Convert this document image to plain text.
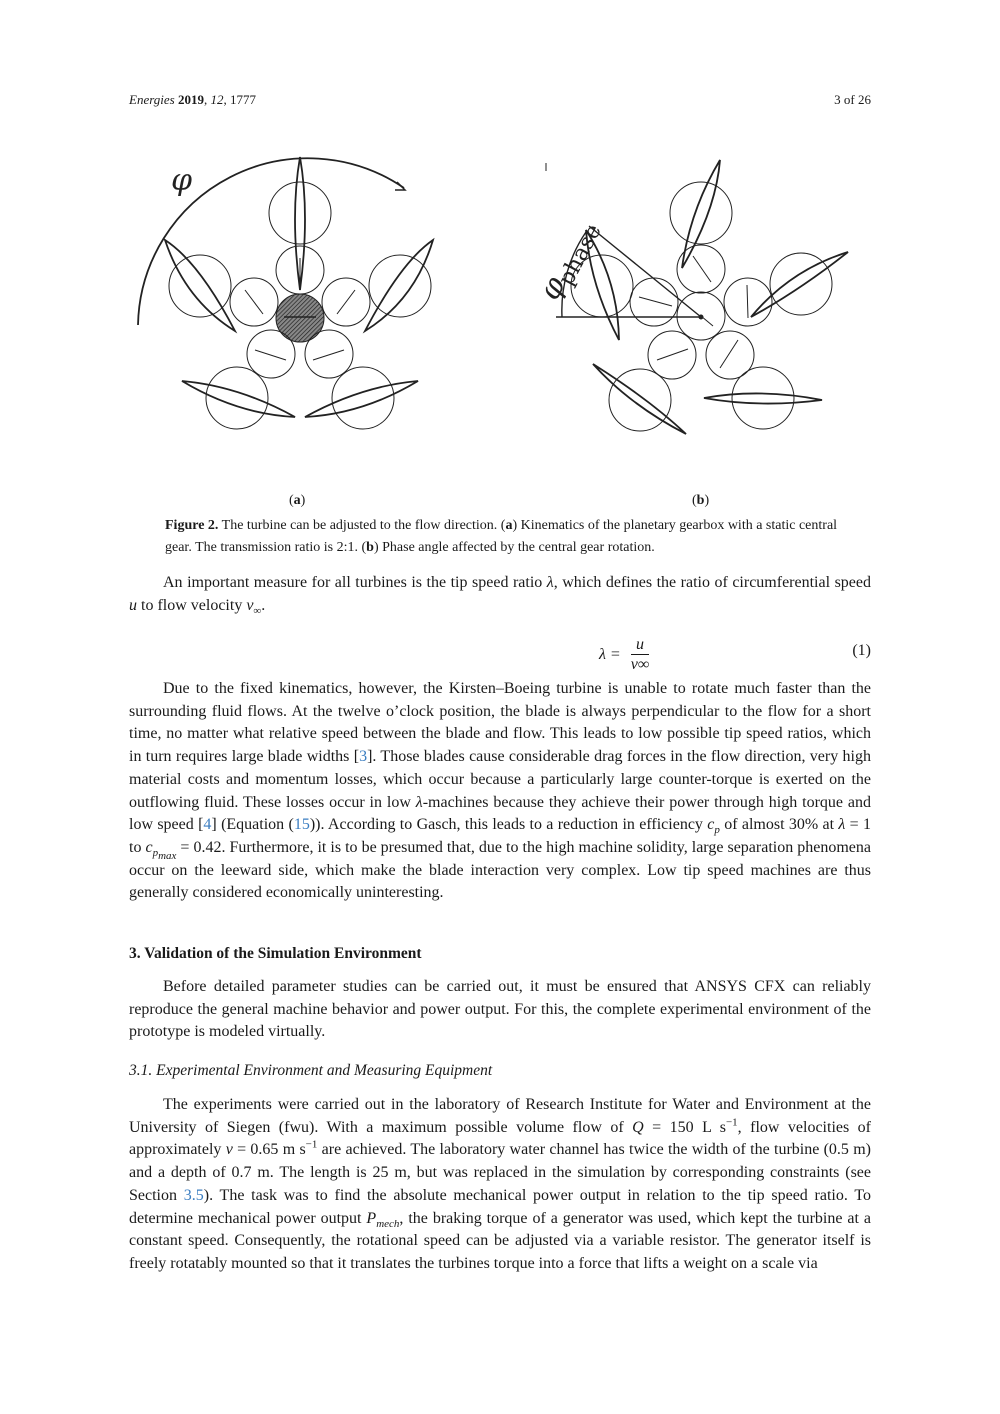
Energies 2019, 12, 1777	3 of 26
φ
φ
phase
(a)	(b)
Figure 2. The turbine can be adjusted to the flow direction. (a) Kinematics of the planetary gearbox with a static central gear. The transmission ratio is 2:1. (b) Phase angle affected by the central gear rotation.
An important measure for all turbines is the tip speed ratio λ, which defines the ratio of circumferential speed u to flow velocity $v_\infty$.
$\lambda = \frac{u}{v\infty}$	(1)
Due to the fixed kinematics, however, the Kirsten–Boeing turbine is unable to rotate much faster than the surrounding fluid flows. At the twelve o’clock position, the blade is always perpendicular to the flow for a short time, no matter what relative speed between the blade and flow. This leads to low possible tip speed ratios, which in turn requires large blade widths [3]. Those blades cause considerable drag forces in the flow direction, very high material costs and momentum losses, which occur because a particularly large counter-torque is exerted on the outflowing fluid. These losses occur in low λ-machines because they achieve their power through high torque and low speed [4] (Equation (15)). According to Gasch, this leads to a reduction in efficiency $c_p$ of almost 30% at λ = 1 to $c_{p_{max}} = 0.42$. Furthermore, it is to be presumed that, due to the high machine solidity, large separation phenomena occur on the leeward side, which make the blade interaction very complex. Low tip speed machines are thus generally considered economically uninteresting.
3. Validation of the Simulation Environment
Before detailed parameter studies can be carried out, it must be ensured that ANSYS CFX can reliably reproduce the general machine behavior and power output. For this, the complete experimental environment of the prototype is modeled virtually.
3.1. Experimental Environment and Measuring Equipment
The experiments were carried out in the laboratory of Research Institute for Water and Environment at the University of Siegen (fwu). With a maximum possible volume flow of Q = 150 L $s^{-1}$, flow velocities of approximately v = 0.65 m $s^{-1}$ are achieved. The laboratory water channel has twice the width of the turbine (0.5 m) and a depth of 0.7 m. The length is 25 m, but was replaced in the simulation by corresponding constraints (see Section 3.5). The task was to find the absolute mechanical power output in relation to the tip speed ratio. To determine mechanical power output $P_{mech}$, the braking torque of a generator was used, which kept the turbine at a constant speed. Consequently, the rotational speed can be adjusted via a variable resistor. The generator itself is freely rotatably mounted so that it translates the turbines torque into a force that lifts a weight on a scale via
